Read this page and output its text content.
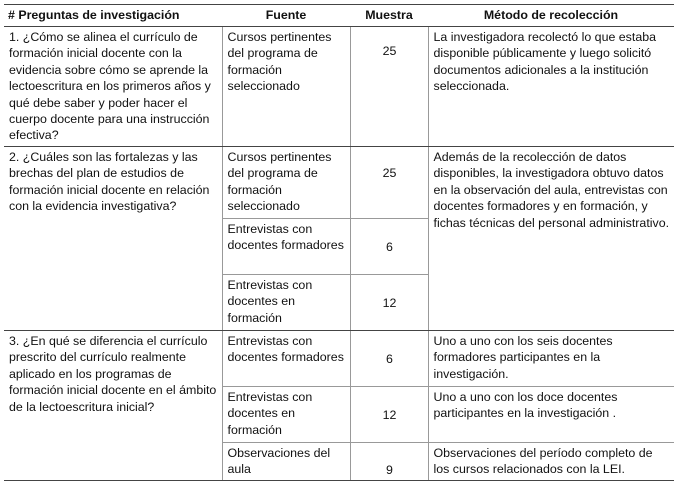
# Preguntas de investigación	Fuente	Muestra	Método de recolección
1. ¿Cómo se alinea el currículo de formación inicial docente con la evidencia sobre cómo se aprende la lectoescritura en los primeros años y qué debe saber y poder hacer el cuerpo docente para una instrucción efectiva?	Cursos pertinentes del programa de formación seleccionado	25	La investigadora recolectó lo que estaba disponible públicamente y luego solicitó documentos adicionales a la institución seleccionada.
2. ¿Cuáles son las fortalezas y las brechas del plan de estudios de formación inicial docente en relación con la evidencia investigativa?	Cursos pertinentes del programa de formación seleccionado	25	Además de la recolección de datos disponibles, la investigadora obtuvo datos en la observación del aula, entrevistas con docentes formadores y en formación, y fichas técnicas del personal administrativo.
	Entrevistas con docentes formadores	6	
	Entrevistas con docentes en formación	12	
3. ¿En qué se diferencia el currículo prescrito del currículo realmente aplicado en los programas de formación inicial docente en el ámbito de la lectoescritura inicial?	Entrevistas con docentes formadores	6	Uno a uno con los seis docentes formadores participantes en la investigación.
	Entrevistas con docentes en formación	12	Uno a uno con los doce docentes participantes en la investigación .
	Observaciones del aula	9	Observaciones del período completo de los cursos relacionados con la LEI.
